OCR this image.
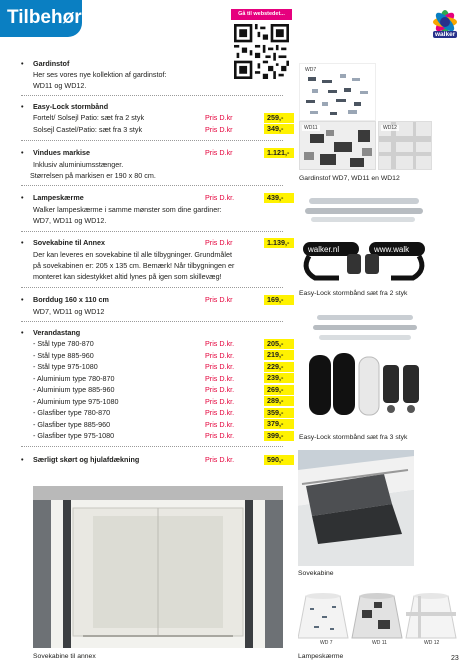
Tilbehør	Gå til webstedet...
walker
• Gardinstof
Her ses vores nye kollektion af gardinstof:
WD11 og WD12.
• Easy-Lock stormbånd
Fortelt/ Solsejl Patio: sæt fra 2 styk	Pris D.kr	259,-
Solsejl Castel/Patio: sæt fra 3 styk	Pris D.kr	349,-
• Vindues markise	Pris D.kr	1.121,-
Inklusiv aluminiumsstænger.
Størrelsen på markisen er 190 x 80 cm.
• Lampeskærme	Pris D.kr.	439,-
Walker lampeskærme i samme mønster som dine gardiner:
WD7, WD11 og WD12.
• Sovekabine til Annex	Pris D.kr	1.139,-
Der kan leveres en sovekabine til alle tilbygninger. Grundmålet
på sovekabinen er: 205 x 135 cm. Bemærk! Når tilbygningen er
monteret kan sidestykket altid lynes på igen som skillevæg!
• Borddug 160 x 110 cm	Pris D.kr	169,-
WD7, WD11 og WD12
• Verandastang
- Stål type 780-870	Pris D.kr.	205,-
- Stål type 885-960	Pris D.kr.	219,-
- Stål type 975-1080	Pris D.kr.	229,-
- Aluminium type 780-870	Pris D.kr.	239,-
- Aluminium type 885-960	Pris D.kr.	269,-
- Aluminium type 975-1080	Pris D.kr.	289,-
- Glasfiber type 780-870	Pris D.kr.	359,-
- Glasfiber type 885-960	Pris D.kr.	379,-
- Glasfiber type 975-1080	Pris D.kr.	399,-
• Særligt skørt og hjulafdækning	Pris D.kr.	590,-
WD7
WD11	WD12
Gardinstof WD7, WD11 en WD12
walker.nl	www.walk
Easy-Lock stormbånd sæt fra 2 styk
Easy-Lock stormbånd sæt fra 3 styk
Sovekabine til annex
Sovekabine
WD 7	WD 11	WD 12
Lampeskærme	23
